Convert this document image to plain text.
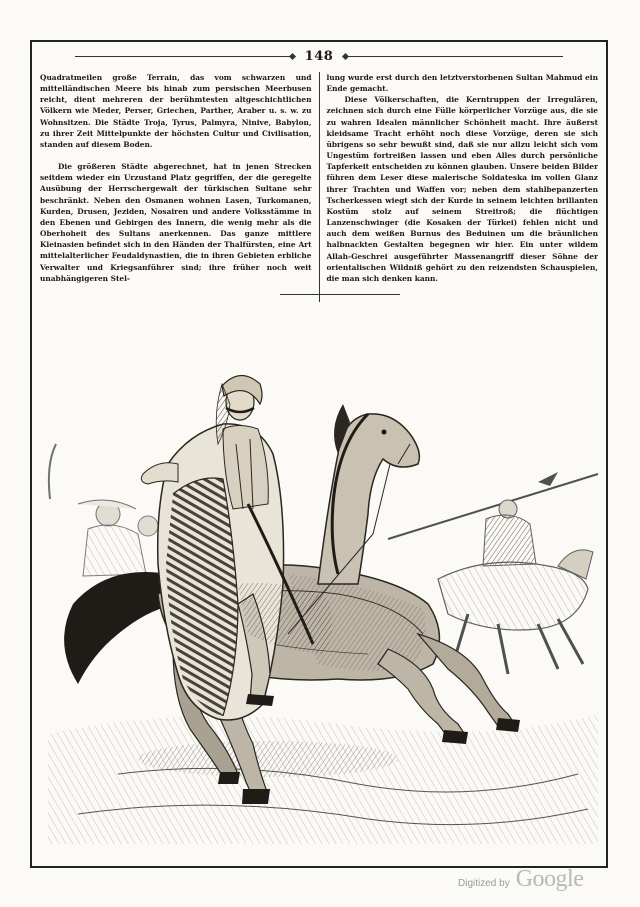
148

Quadratmeilen große Terrain, das vom schwarzen und mittelländischen Meere bis hinab zum persischen Meerbusen reicht, dient mehreren der berühmtesten altgeschichtlichen Völkern wie Meder, Perser, Griechen, Parther, Araber u. s. w. zu Wohnsitzen. Die Städte Troja, Tyrus, Palmyra, Ninive, Babylon, zu ihrer Zeit Mittelpunkte der höchsten Cultur und Civilisation, standen auf diesem Boden.

Die größeren Städte abgerechnet, hat in jenen Strecken seitdem wieder ein Urzustand Platz gegriffen, der die geregelte Ausübung der Herrschergewalt der türkischen Sultane sehr beschränkt. Neben den Osmanen wohnen Lasen, Turkomanen, Kurden, Drusen, Jeziden, Nosairen und andere Volksstämme in den Ebenen und Gebirgen des Innern, die wenig mehr als die Oberhoheit des Sultans anerkennen. Das ganze mittlere Kleinasien befindet sich in den Händen der Thalfürsten, eine Art mittelalterlicher Feudaldynastien, die in ihren Gebieten erbliche Verwalter und Kriegsanführer sind; ihre früher noch weit unabhängigeren Stel-

lung wurde erst durch den letztverstorbenen Sultan Mahmud ein Ende gemacht.

Diese Völkerschaften, die Kerntruppen der Irregulären, zeichnen sich durch eine Fülle körperlicher Vorzüge aus, die sie zu wahren Idealen männlicher Schönheit macht. Ihre äußerst kleidsame Tracht erhöht noch diese Vorzüge, deren sie sich übrigens so sehr bewußt sind, daß sie nur allzu leicht sich vom Ungestüm fortreißen lassen und eben Alles durch persönliche Tapferkeit entscheiden zu können glauben. Unsere beiden Bilder führen dem Leser diese malerische Soldateska im vollen Glanz ihrer Trachten und Waffen vor; neben dem stahlbepanzerten Tscherkessen wiegt sich der Kurde in seinem leichten brillanten Kostüm stolz auf seinem Streitroß; die flüchtigen Lanzenschwinger (die Kosaken der Türkei) fehlen nicht und auch dem weißen Burnus des Beduinen um die bräunlichen halbnackten Gestalten begegnen wir hier. Ein unter wildem Allah-Geschrei ausgeführter Massenangriff dieser Söhne der orientalischen Wildniß gehört zu den reizendsten Schauspielen, die man sich denken kann.

Digitized by Google
